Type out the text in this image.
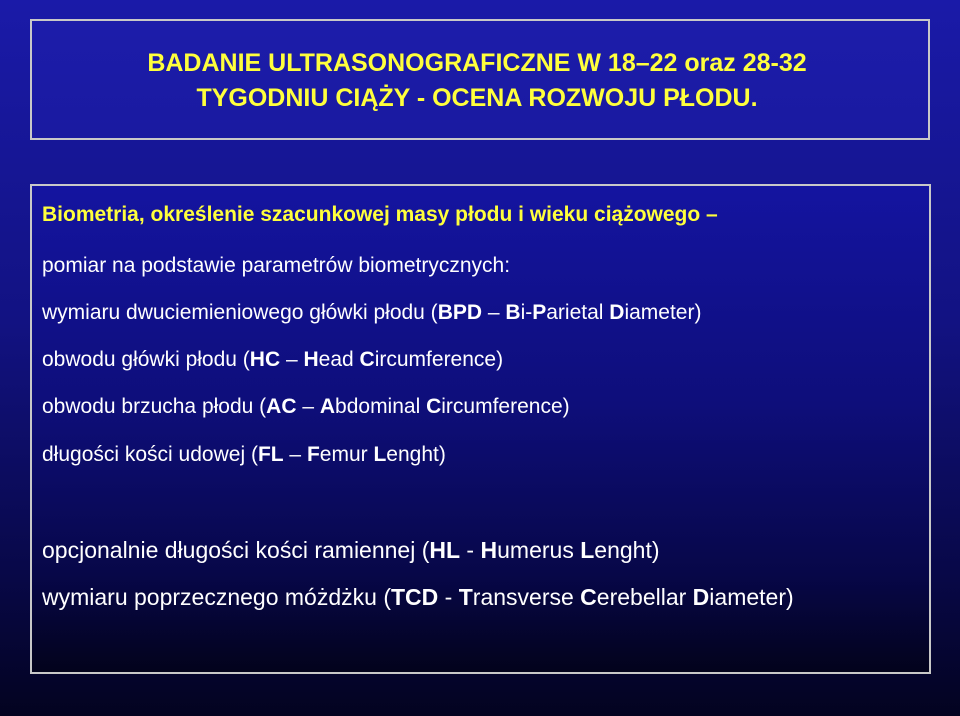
BADANIE ULTRASONOGRAFICZNE W 18–22 oraz 28-32
TYGODNIU CIĄŻY - OCENA ROZWOJU PŁODU.
Biometria, określenie szacunkowej masy płodu i wieku ciążowego –
pomiar na podstawie parametrów biometrycznych:
wymiaru dwuciemieniowego główki płodu (BPD – Bi-Parietal Diameter)
obwodu główki płodu (HC – Head Circumference)
obwodu brzucha płodu (AC – Abdominal Circumference)
długości kości udowej (FL – Femur Lenght)
opcjonalnie długości kości ramiennej (HL - Humerus Lenght)
wymiaru poprzecznego móżdżku (TCD - Transverse Cerebellar Diameter)
